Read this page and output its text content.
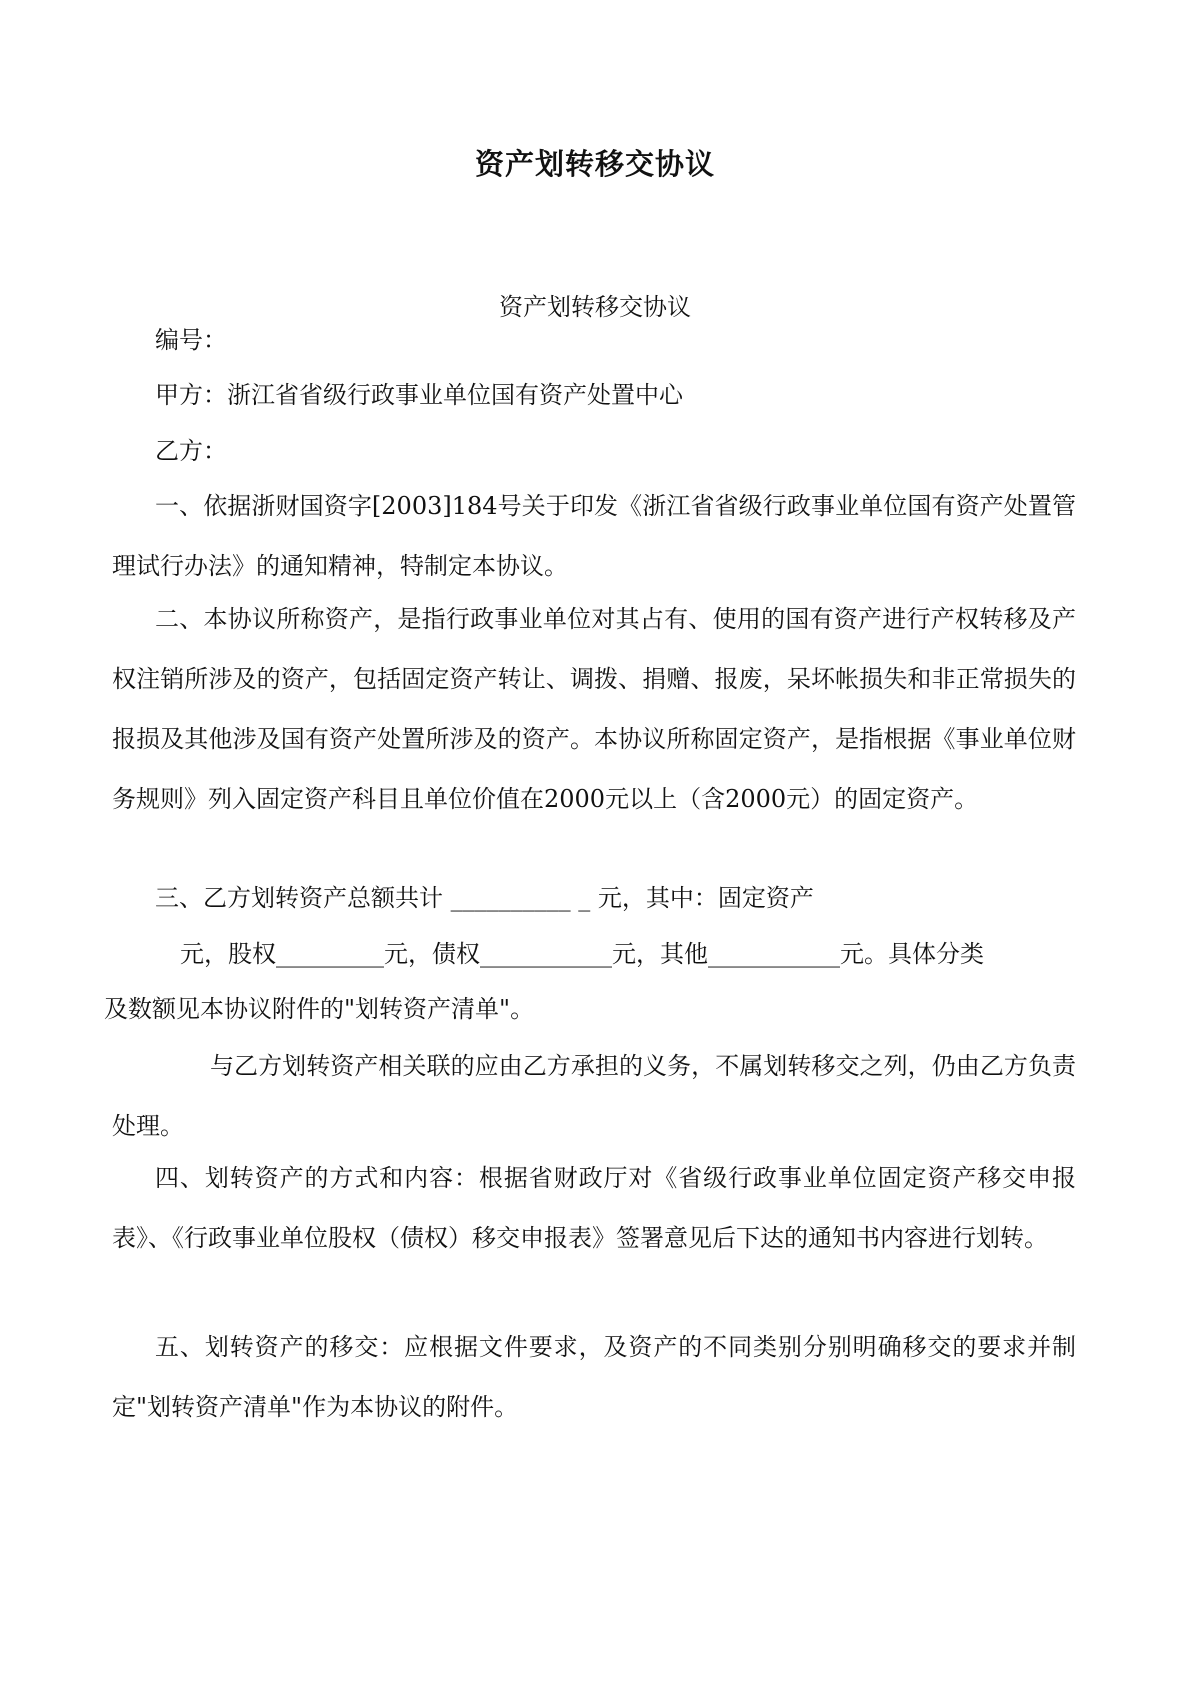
资产划转移交协议
资产划转移交协议
编号：
甲方：浙江省省级行政事业单位国有资产处置中心
乙方：
一、依据浙财国资字[2003]184号关于印发《浙江省省级行政事业单位国有资产处置管理试行办法》的通知精神，特制定本协议。
二、本协议所称资产，是指行政事业单位对其占有、使用的国有资产进行产权转移及产权注销所涉及的资产，包括固定资产转让、调拨、捐赠、报废，呆坏帐损失和非正常损失的报损及其他涉及国有资产处置所涉及的资产。本协议所称固定资产，是指根据《事业单位财务规则》列入固定资产科目且单位价值在2000元以上（含2000元）的固定资产。
三、乙方划转资产总额共计 __________ _ 元，其中：固定资产
元，股权_________元，债权___________元，其他___________元。具体分类
及数额见本协议附件的"划转资产清单"。
与乙方划转资产相关联的应由乙方承担的义务，不属划转移交之列，仍由乙方负责处理。
四、划转资产的方式和内容：根据省财政厅对《省级行政事业单位固定资产移交申报表》、《行政事业单位股权（债权）移交申报表》签署意见后下达的通知书内容进行划转。
五、划转资产的移交：应根据文件要求，及资产的不同类别分别明确移交的要求并制定"划转资产清单"作为本协议的附件。
